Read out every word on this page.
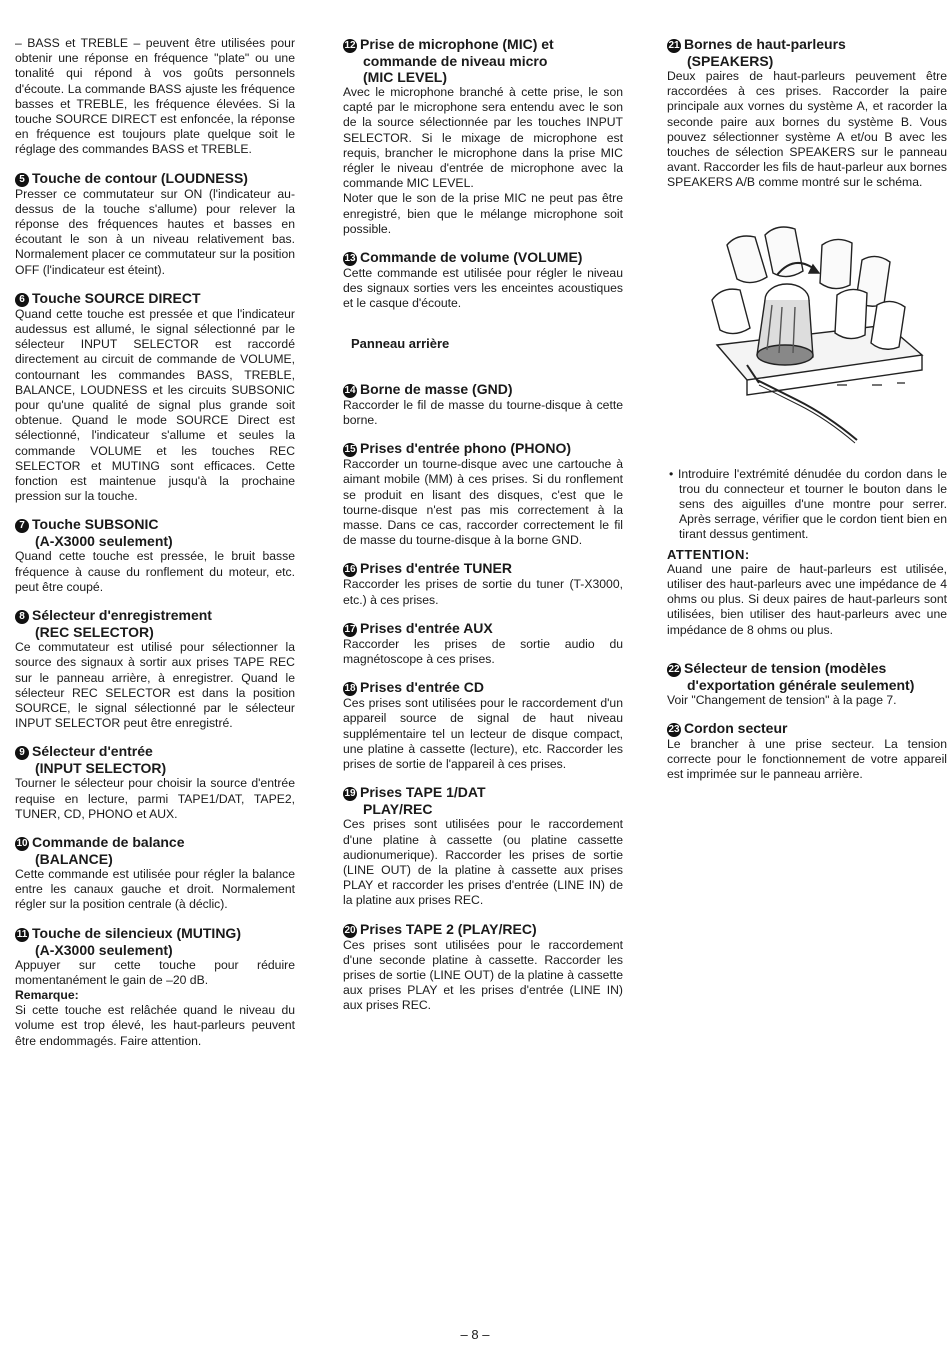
– BASS et TREBLE – peuvent être utilisées pour obtenir une réponse en fréquence "plate" ou une tonalité qui répond à vos goûts personnels d'écoute. La commande BASS ajuste les fréquence basses et TREBLE, les fréquence élevées. Si la touche SOURCE DIRECT est enfoncée, la réponse en fréquence est toujours plate quelque soit le réglage des commandes BASS et TREBLE.

5 Touche de contour (LOUDNESS)

Presser ce commutateur sur ON (l'indicateur au-dessus de la touche s'allume) pour relever la réponse des fréquences hautes et basses en écoutant le son à un niveau relativement bas. Normalement placer ce commutateur sur la position OFF (l'indicateur est éteint).

6 Touche SOURCE DIRECT

Quand cette touche est pressée et que l'indicateur audessus est allumé, le signal sélectionné par le sélecteur INPUT SELECTOR est raccordé directement au circuit de commande de VOLUME, contournant les commandes BASS, TREBLE, BALANCE, LOUDNESS et les circuits SUBSONIC pour qu'une qualité de signal plus grande soit obtenue. Quand le mode SOURCE Direct est sélectionné, l'indicateur s'allume et seules la commande VOLUME et les touches REC SELECTOR et MUTING sont efficaces. Cette fonction est maintenue jusqu'à la prochaine pression sur la touche.

7 Touche SUBSONIC

(A-X3000 seulement)

Quand cette touche est pressée, le bruit basse fréquence à cause du ronflement du moteur, etc. peut être coupé.

8 Sélecteur d'enregistrement

(REC SELECTOR)

Ce commutateur est utilisé pour sélectionner la source des signaux à sortir aux prises TAPE REC sur le panneau arrière, à enregistrer. Quand le sélecteur REC SELECTOR est dans la position SOURCE, le signal sélectionné par le sélecteur INPUT SELECTOR peut être enregistré.

9 Sélecteur d'entrée

(INPUT SELECTOR)

Tourner le sélecteur pour choisir la source d'entrée requise en lecture, parmi TAPE1/DAT, TAPE2, TUNER, CD, PHONO et AUX.

10 Commande de balance

(BALANCE)

Cette commande est utilisée pour régler la balance entre les canaux gauche et droit. Normalement régler sur la position centrale (à déclic).

11 Touche de silencieux (MUTING)

(A-X3000 seulement)

Appuyer sur cette touche pour réduire momentanément le gain de –20 dB.

Remarque:

Si cette touche est relâchée quand le niveau du volume est trop élevé, les haut-parleurs peuvent être endommagés. Faire attention.

12 Prise de microphone (MIC) et

commande de niveau micro

(MIC LEVEL)

Avec le microphone branché à cette prise, le son capté par le microphone sera entendu avec le son de la source sélectionnée par les touches INPUT SELECTOR. Si le mixage de microphone est requis, brancher le microphone dans la prise MIC régler le niveau d'entrée de microphone avec la commande MIC LEVEL.

Noter que le son de la prise MIC ne peut pas être enregistré, bien que le mélange microphone soit possible.

13 Commande de volume (VOLUME)

Cette commande est utilisée pour régler le niveau des signaux sorties vers les enceintes acoustiques et le casque d'écoute.

Panneau arrière

14 Borne de masse (GND)

Raccorder le fil de masse du tourne-disque à cette borne.

15 Prises d'entrée phono (PHONO)

Raccorder un tourne-disque avec une cartouche à aimant mobile (MM) à ces prises. Si du ronflement se produit en lisant des disques, c'est que le tourne-disque n'est pas mis correctement à la masse. Dans ce cas, raccorder correctement le fil de masse du tourne-disque à la borne GND.

16 Prises d'entrée TUNER

Raccorder les prises de sortie du tuner (T-X3000, etc.) à ces prises.

17 Prises d'entrée AUX

Raccorder les prises de sortie audio du magnétoscope à ces prises.

18 Prises d'entrée CD

Ces prises sont utilisées pour le raccordement d'un appareil source de signal de haut niveau supplémentaire tel un lecteur de disque compact, une platine à cassette (lecture), etc. Raccorder les prises de sortie de l'appareil à ces prises.

19 Prises TAPE 1/DAT

PLAY/REC

Ces prises sont utilisées pour le raccordement d'une platine à cassette (ou platine cassette audionumerique). Raccorder les prises de sortie (LINE OUT) de la platine à cassette aux prises PLAY et raccorder les prises d'entrée (LINE IN) de la platine aux prises REC.

20 Prises TAPE 2 (PLAY/REC)

Ces prises sont utilisées pour le raccordement d'une seconde platine à cassette. Raccorder les prises de sortie (LINE OUT) de la platine à cassette aux prises PLAY et les prises d'entrée (LINE IN) aux prises REC.

21 Bornes de haut-parleurs

(SPEAKERS)

Deux paires de haut-parleurs peuvement être raccordées à ces prises. Raccorder la paire principale aux vornes du système A, et racorder la seconde paire aux bornes du système B. Vous pouvez sélectionner système A et/ou B avec les touches de sélection SPEAKERS sur le panneau avant. Raccorder les fils de haut-parleur aux bornes SPEAKERS A/B comme montré sur le schéma.

• Introduire l'extrémité dénudée du cordon dans le trou du connecteur et tourner le bouton dans le sens des aiguilles d'une montre pour serrer. Après serrage, vérifier que le cordon tient bien en tirant dessus gentiment.

ATTENTION:

Auand une paire de haut-parleurs est utilisée, utiliser des haut-parleurs avec une impédance de 4 ohms ou plus. Si deux paires de haut-parleurs sont utilisées, bien utiliser des haut-parleurs avec une impédance de 8 ohms ou plus.

22 Sélecteur de tension (modèles

d'exportation générale seulement)

Voir "Changement de tension" à la page 7.

23 Cordon secteur

Le brancher à une prise secteur. La tension correcte pour le fonctionnement de votre appareil est imprimée sur le panneau arrière.

– 8 –
